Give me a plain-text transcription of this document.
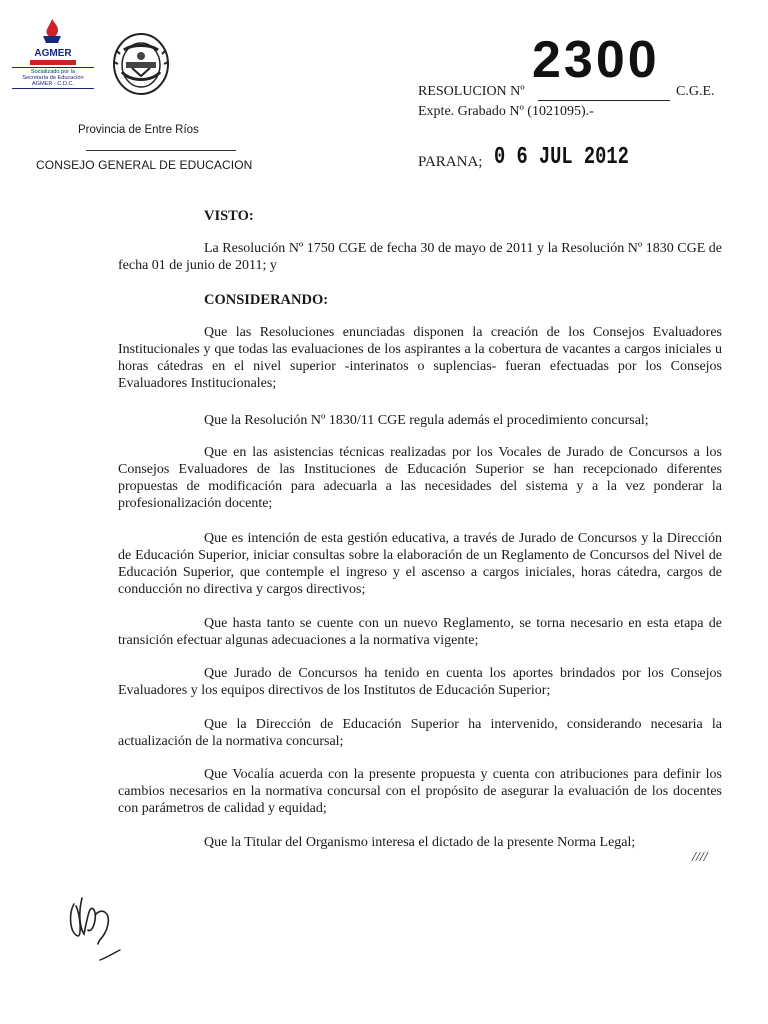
AGMER
Socializado por la
Secretaría de Educación
AGMER - C.D.C.
Provincia de Entre Ríos
CONSEJO GENERAL DE EDUCACION
RESOLUCION Nº
2300
C.G.E.
Expte. Grabado Nº (1021095).-
PARANA; 0 6 JUL 2012
VISTO:
La Resolución Nº 1750 CGE de fecha 30 de mayo de 2011 y la Resolución Nº 1830 CGE de fecha 01 de junio de 2011; y
CONSIDERANDO:
Que las Resoluciones enunciadas disponen la creación de los Consejos Evaluadores Institucionales y que todas las evaluaciones de los aspirantes a la cobertura de vacantes a cargos iniciales u horas cátedras en el nivel superior -interinatos o suplencias- fueran efectuadas por los Consejos Evaluadores Institucionales;
Que la Resolución Nº 1830/11 CGE regula además el procedimiento concursal;
Que en las asistencias técnicas realizadas por los Vocales de Jurado de Concursos a los Consejos Evaluadores de las Instituciones de Educación Superior se han recepcionado diferentes propuestas de modificación para adecuarla a las necesidades del sistema y a la vez ponderar la profesionalización docente;
Que es intención de esta gestión educativa, a través de Jurado de Concursos y la Dirección de Educación Superior, iniciar consultas sobre la elaboración de un Reglamento de Concursos del Nivel de Educación Superior, que contemple el ingreso y el ascenso a cargos iniciales, horas cátedra, cargos de conducción no directiva y cargos directivos;
Que hasta tanto se cuente con un nuevo Reglamento, se torna necesario en esta etapa de transición efectuar algunas adecuaciones a la normativa vigente;
Que Jurado de Concursos ha tenido en cuenta los aportes brindados por los Consejos Evaluadores y los equipos directivos de los Institutos de Educación Superior;
Que la Dirección de Educación Superior ha intervenido, considerando necesaria la actualización de la normativa concursal;
Que Vocalía acuerda con la presente propuesta y cuenta con atribuciones para definir los cambios necesarios en la normativa concursal con el propósito de asegurar la evaluación de los docentes con parámetros de calidad y equidad;
Que la Titular del Organismo interesa el dictado de la presente Norma Legal;
////
